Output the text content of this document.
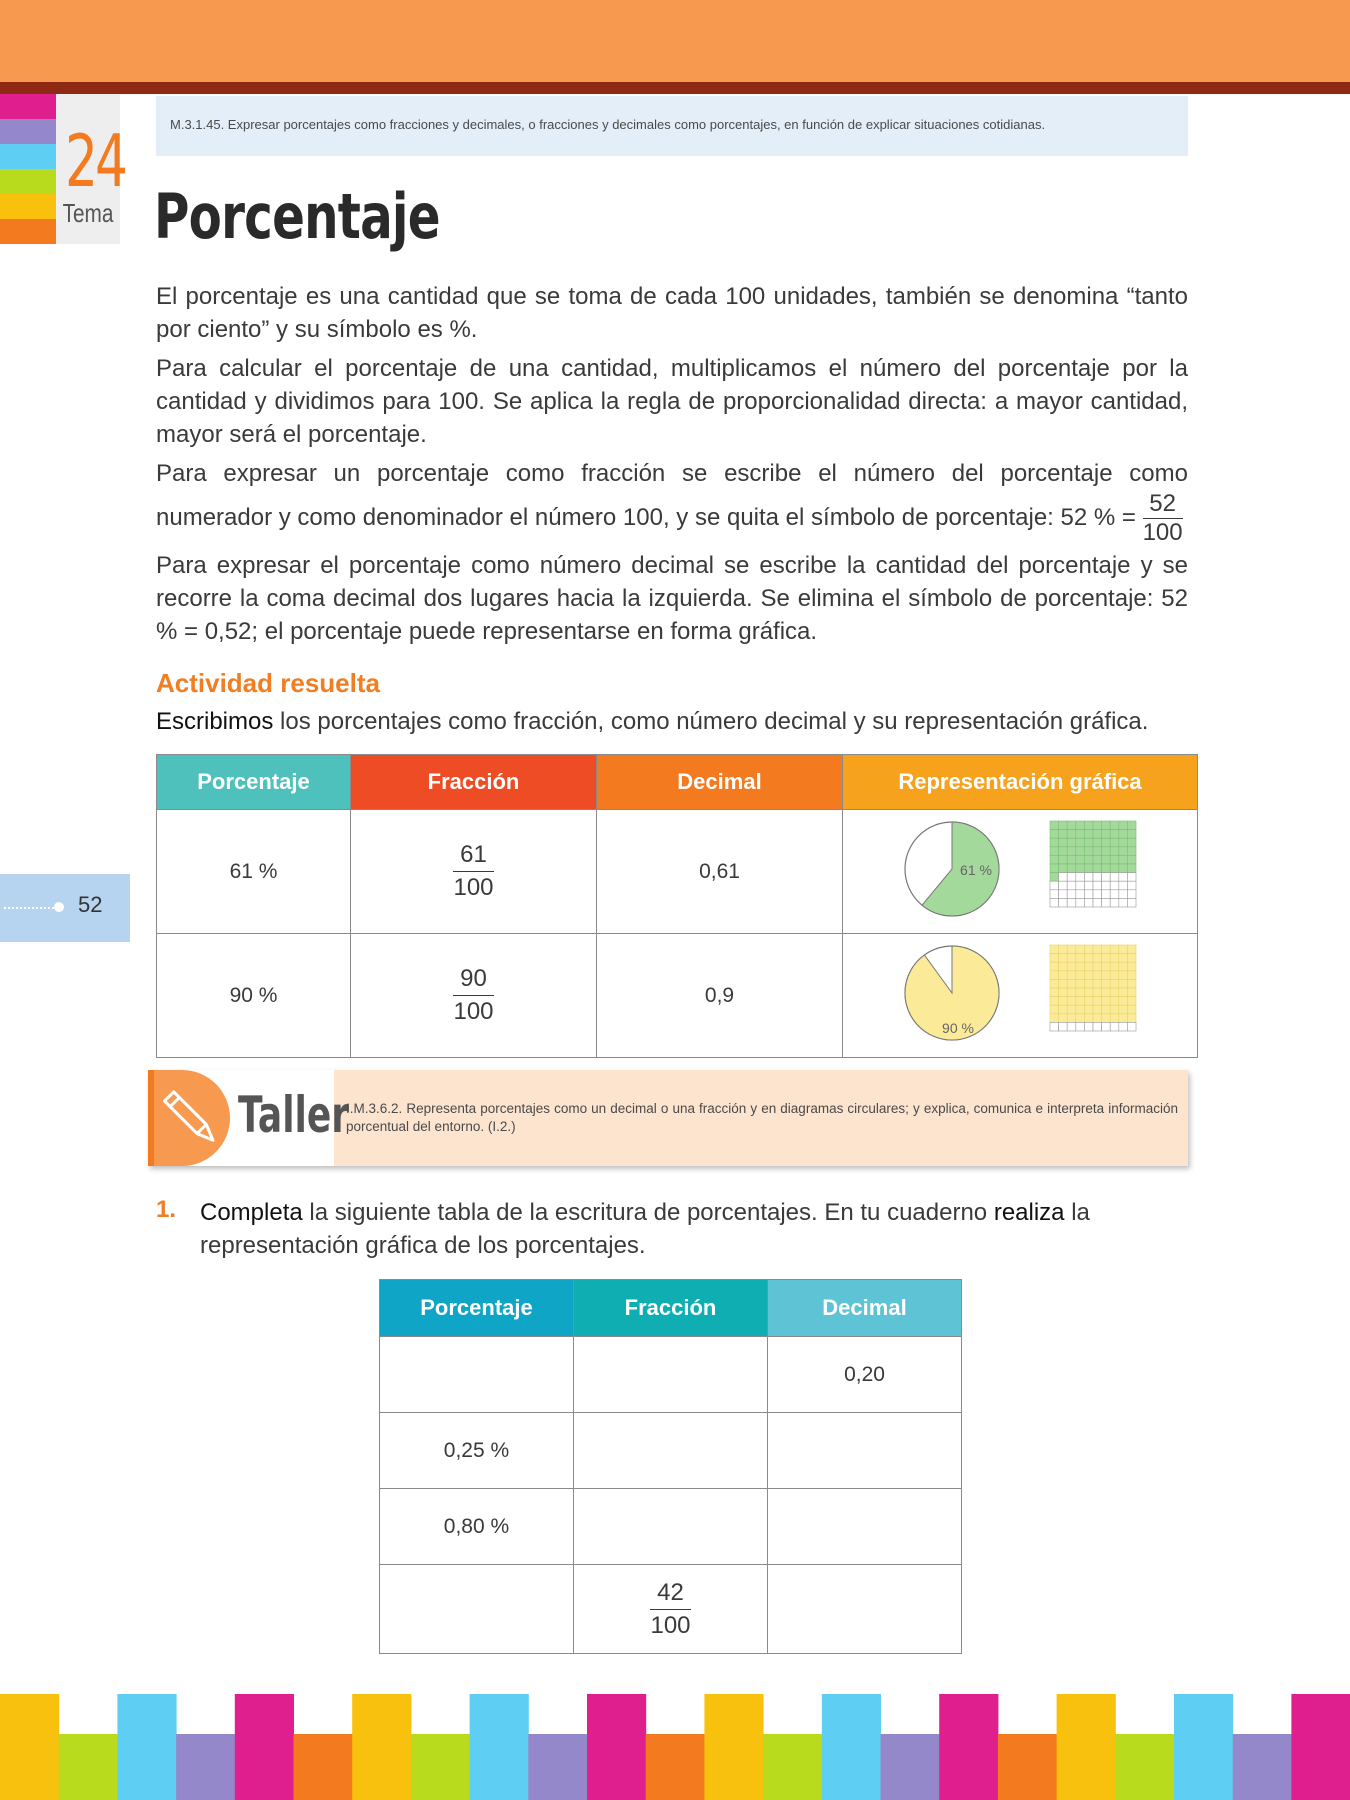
24
Tema
M.3.1.45. Expresar porcentajes como fracciones y decimales, o fracciones y decimales como porcentajes, en función de explicar situaciones cotidianas.
Porcentaje

El porcentaje es una cantidad que se toma de cada 100 unidades, también se denomina “tanto por ciento” y su símbolo es %.

Para calcular el porcentaje de una cantidad, multiplicamos el número del porcentaje por la cantidad y dividimos para 100. Se aplica la regla de proporcionalidad directa: a mayor cantidad, mayor será el porcentaje.

Para expresar un porcentaje como fracción se escribe el número del porcentaje como numerador y como denominador el número 100, y se quita el símbolo de porcentaje: 52 % = $\frac{52}{100}$

Para expresar el porcentaje como número decimal se escribe la cantidad del porcentaje y se recorre la coma decimal dos lugares hacia la izquierda. Se elimina el símbolo de porcentaje: 52 % = 0,52; el porcentaje puede representarse en forma gráfica.

Actividad resuelta
Escribimos los porcentajes como fracción, como número decimal y su representación gráfica.
Porcentaje	Fracción	Decimal	Representación gráfica
61 %	$\frac{61}{100}$	0,61	61 %

90 %	$\frac{90}{100}$	0,9	90 %
52
Taller
I.M.3.6.2. Representa porcentajes como un decimal o una fracción y en diagramas circulares; y explica, comunica e interpreta información porcentual del entorno. (I.2.)
1. Completa la siguiente tabla de la escritura de porcentajes. En tu cuaderno realiza la representación gráfica de los porcentajes.
Porcentaje	Fracción	Decimal
		0,20
0,25 %		
0,80 %		

	$\frac{42}{100}$
